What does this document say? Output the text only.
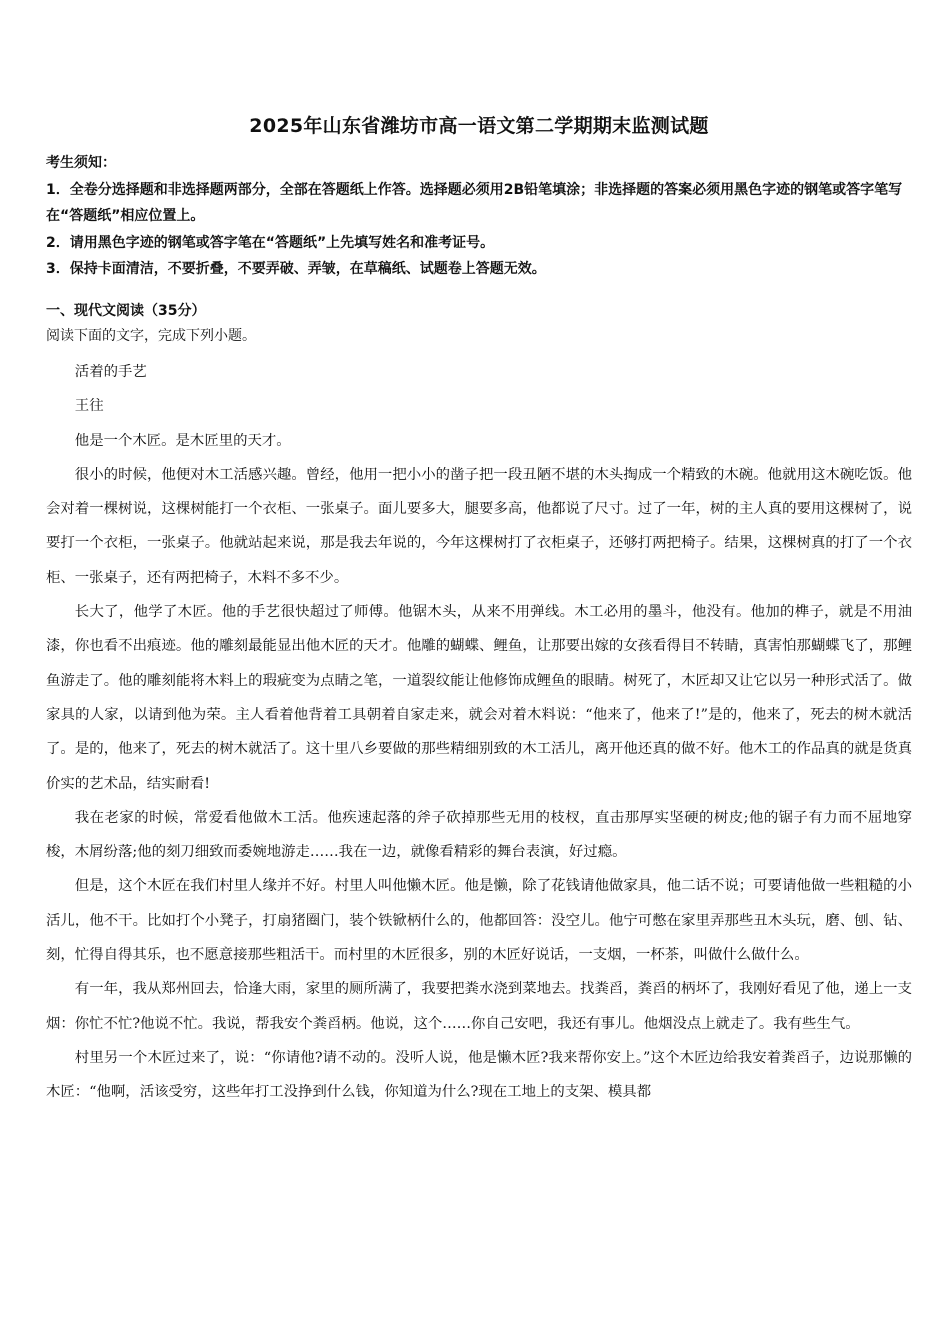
2025年山东省潍坊市高一语文第二学期期末监测试题

考生须知：

1．全卷分选择题和非选择题两部分，全部在答题纸上作答。选择题必须用2B铅笔填涂；非选择题的答案必须用黑色字迹的钢笔或答字笔写在“答题纸”相应位置上。

2．请用黑色字迹的钢笔或答字笔在“答题纸”上先填写姓名和准考证号。

3．保持卡面清洁，不要折叠，不要弄破、弄皱，在草稿纸、试题卷上答题无效。

一、现代文阅读（35分）
阅读下面的文字，完成下列小题。

活着的手艺

王往

他是一个木匠。是木匠里的天才。

很小的时候，他便对木工活感兴趣。曾经，他用一把小小的凿子把一段丑陋不堪的木头掏成一个精致的木碗。他就用这木碗吃饭。他会对着一棵树说，这棵树能打一个衣柜、一张桌子。面儿要多大，腿要多高，他都说了尺寸。过了一年，树的主人真的要用这棵树了，说要打一个衣柜，一张桌子。他就站起来说，那是我去年说的，今年这棵树打了衣柜桌子，还够打两把椅子。结果，这棵树真的打了一个衣柜、一张桌子，还有两把椅子，木料不多不少。

长大了，他学了木匠。他的手艺很快超过了师傅。他锯木头，从来不用弹线。木工必用的墨斗，他没有。他加的榫子，就是不用油漆，你也看不出痕迹。他的雕刻最能显出他木匠的天才。他雕的蝴蝶、鲤鱼，让那要出嫁的女孩看得目不转睛，真害怕那蝴蝶飞了，那鲤鱼游走了。他的雕刻能将木料上的瑕疵变为点睛之笔，一道裂纹能让他修饰成鲤鱼的眼睛。树死了，木匠却又让它以另一种形式活了。做家具的人家，以请到他为荣。主人看着他背着工具朝着自家走来，就会对着木料说：“他来了，他来了!”是的，他来了，死去的树木就活了。是的，他来了，死去的树木就活了。这十里八乡要做的那些精细别致的木工活儿，离开他还真的做不好。他木工的作品真的就是货真价实的艺术品，结实耐看!

我在老家的时候，常爱看他做木工活。他疾速起落的斧子砍掉那些无用的枝杈，直击那厚实坚硬的树皮;他的锯子有力而不屈地穿梭，木屑纷落;他的刻刀细致而委婉地游走……我在一边，就像看精彩的舞台表演，好过瘾。

但是，这个木匠在我们村里人缘并不好。村里人叫他懒木匠。他是懒，除了花钱请他做家具，他二话不说；可要请他做一些粗糙的小活儿，他不干。比如打个小凳子，打扇猪圈门，装个铁锨柄什么的，他都回答：没空儿。他宁可憋在家里弄那些丑木头玩，磨、刨、钻、刻，忙得自得其乐，也不愿意接那些粗活干。而村里的木匠很多，别的木匠好说话，一支烟，一杯茶，叫做什么做什么。

有一年，我从郑州回去，恰逢大雨，家里的厕所满了，我要把粪水浇到菜地去。找粪舀，粪舀的柄坏了，我刚好看见了他，递上一支烟：你忙不忙?他说不忙。我说，帮我安个粪舀柄。他说，这个……你自己安吧，我还有事儿。他烟没点上就走了。我有些生气。

村里另一个木匠过来了，说：“你请他?请不动的。没听人说，他是懒木匠?我来帮你安上。”这个木匠边给我安着粪舀子，边说那懒的木匠：“他啊，活该受穷，这些年打工没挣到什么钱，你知道为什么?现在工地上的支架、模具都
